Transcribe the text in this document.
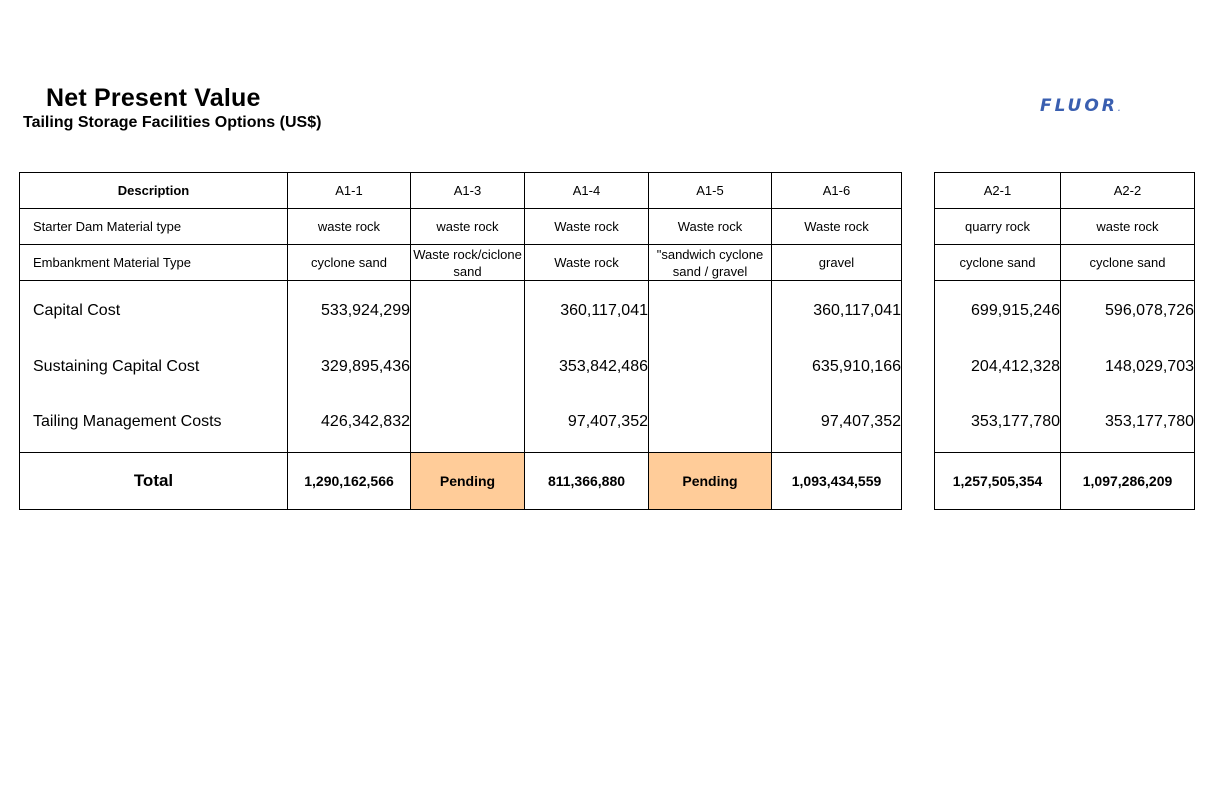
Net Present Value
Tailing Storage Facilities Options (US$)
FLUOR.
Description	A1-1	A1-3	A1-4	A1-5	A1-6
Starter Dam Material type	waste rock	waste rock	Waste rock	Waste rock	Waste rock
Embankment Material Type	cyclone sand	Waste rock/ciclone sand	Waste rock	"sandwich cyclone sand / gravel	gravel
Capital Cost	533,924,299		360,117,041		360,117,041
Sustaining Capital Cost	329,895,436		353,842,486		635,910,166
Tailing Management Costs	426,342,832		97,407,352		97,407,352
Total	1,290,162,566	Pending	811,366,880	Pending	1,093,434,559
A2-1	A2-2
quarry rock	waste rock
cyclone sand	cyclone sand
699,915,246	596,078,726
204,412,328	148,029,703
353,177,780	353,177,780
1,257,505,354	1,097,286,209
